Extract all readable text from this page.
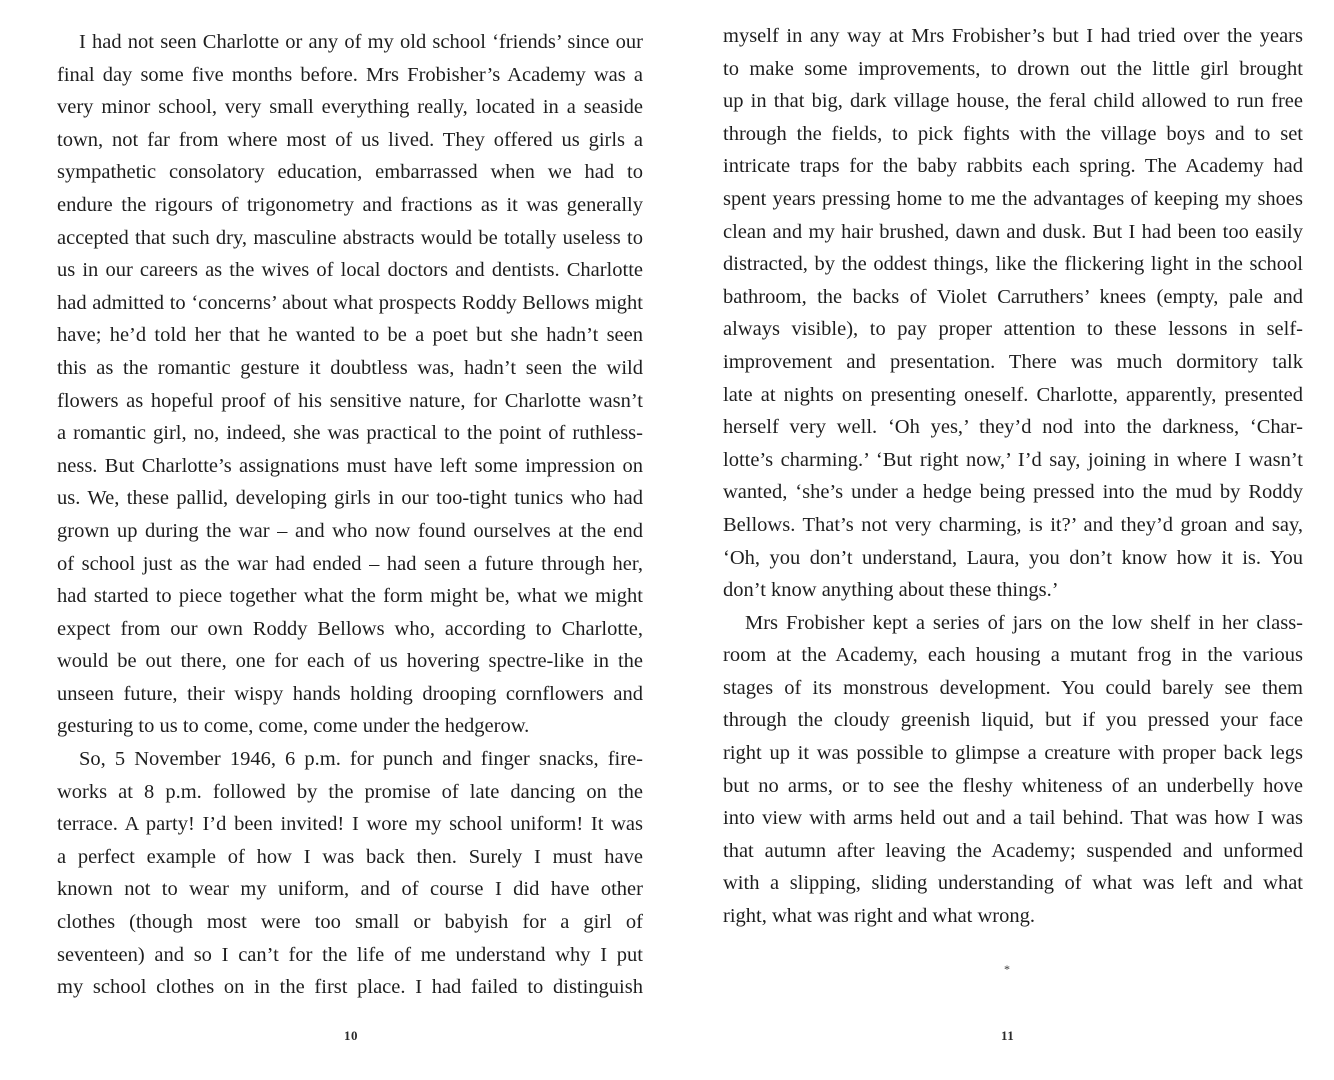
I had not seen Charlotte or any of my old school ‘friends’ since our
final day some five months before. Mrs Frobisher’s Academy was a
very minor school, very small everything really, located in a seaside
town, not far from where most of us lived. They offered us girls a
sympathetic consolatory education, embarrassed when we had to
endure the rigours of trigonometry and fractions as it was generally
accepted that such dry, masculine abstracts would be totally useless to
us in our careers as the wives of local doctors and dentists. Charlotte
had admitted to ‘concerns’ about what prospects Roddy Bellows might
have; he’d told her that he wanted to be a poet but she hadn’t seen
this as the romantic gesture it doubtless was, hadn’t seen the wild
flowers as hopeful proof of his sensitive nature, for Charlotte wasn’t
a romantic girl, no, indeed, she was practical to the point of ruthless-
ness. But Charlotte’s assignations must have left some impression on
us. We, these pallid, developing girls in our too-tight tunics who had
grown up during the war – and who now found ourselves at the end
of school just as the war had ended – had seen a future through her,
had started to piece together what the form might be, what we might
expect from our own Roddy Bellows who, according to Charlotte,
would be out there, one for each of us hovering spectre-like in the
unseen future, their wispy hands holding drooping cornflowers and
gesturing to us to come, come, come under the hedgerow.
So, 5 November 1946, 6 p.m. for punch and finger snacks, fire-
works at 8 p.m. followed by the promise of late dancing on the
terrace. A party! I’d been invited! I wore my school uniform! It was
a perfect example of how I was back then. Surely I must have
known not to wear my uniform, and of course I did have other
clothes (though most were too small or babyish for a girl of
seventeen) and so I can’t for the life of me understand why I put
my school clothes on in the first place. I had failed to distinguish
10
myself in any way at Mrs Frobisher’s but I had tried over the years
to make some improvements, to drown out the little girl brought
up in that big, dark village house, the feral child allowed to run free
through the fields, to pick fights with the village boys and to set
intricate traps for the baby rabbits each spring. The Academy had
spent years pressing home to me the advantages of keeping my shoes
clean and my hair brushed, dawn and dusk. But I had been too easily
distracted, by the oddest things, like the flickering light in the school
bathroom, the backs of Violet Carruthers’ knees (empty, pale and
always visible), to pay proper attention to these lessons in self-
improvement and presentation. There was much dormitory talk
late at nights on presenting oneself. Charlotte, apparently, presented
herself very well. ‘Oh yes,’ they’d nod into the darkness, ‘Char-
lotte’s charming.’ ‘But right now,’ I’d say, joining in where I wasn’t
wanted, ‘she’s under a hedge being pressed into the mud by Roddy
Bellows. That’s not very charming, is it?’ and they’d groan and say,
‘Oh, you don’t understand, Laura, you don’t know how it is. You
don’t know anything about these things.’
Mrs Frobisher kept a series of jars on the low shelf in her class-
room at the Academy, each housing a mutant frog in the various
stages of its monstrous development. You could barely see them
through the cloudy greenish liquid, but if you pressed your face
right up it was possible to glimpse a creature with proper back legs
but no arms, or to see the fleshy whiteness of an underbelly hove
into view with arms held out and a tail behind. That was how I was
that autumn after leaving the Academy; suspended and unformed
with a slipping, sliding understanding of what was left and what
right, what was right and what wrong.
*
11
